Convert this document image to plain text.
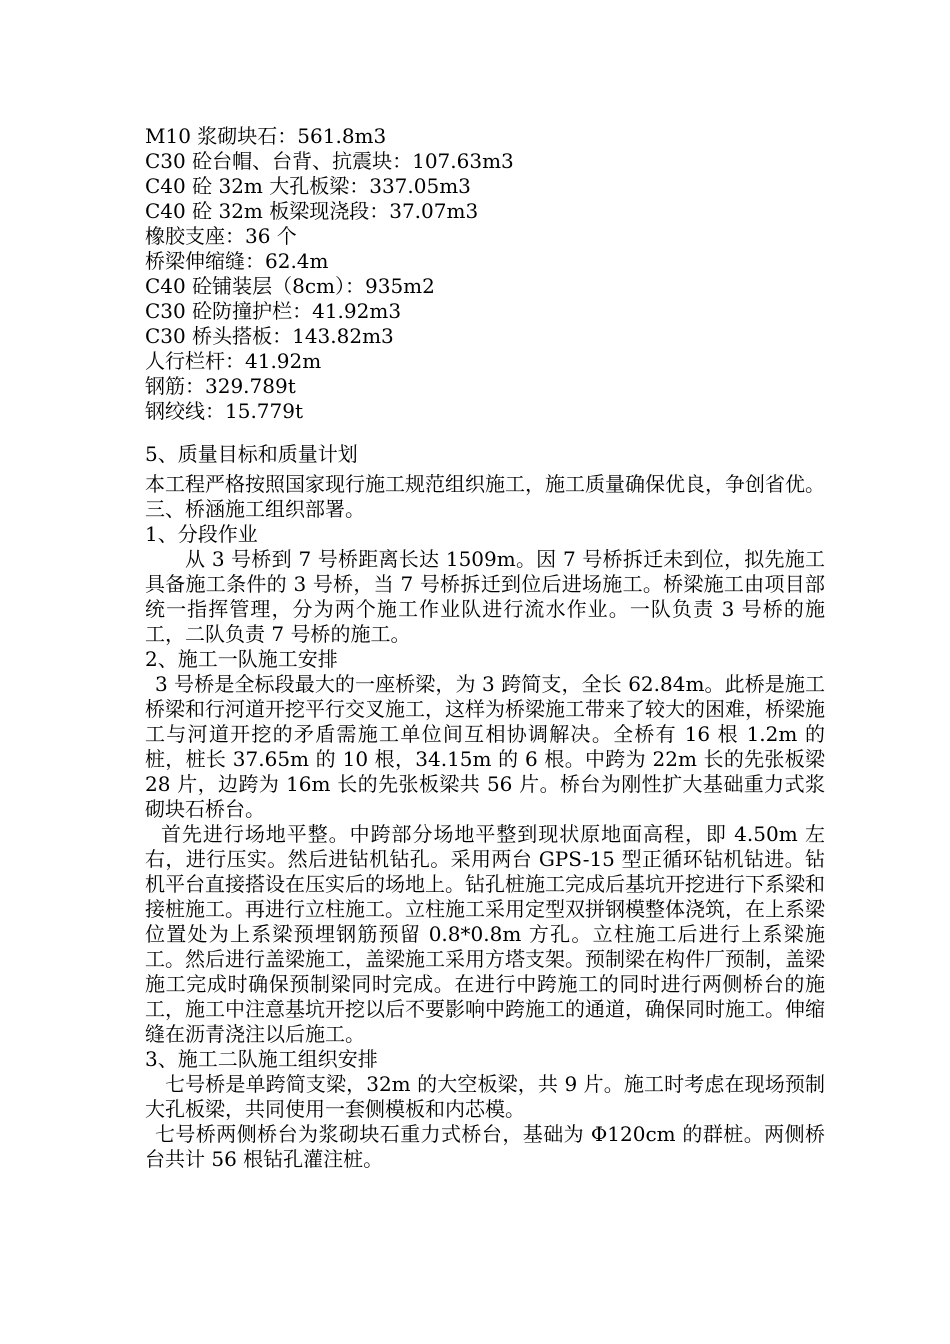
M10 浆砌块石：561.8m3
C30 砼台帽、台背、抗震块：107.63m3
C40 砼 32m 大孔板梁：337.05m3
C40 砼 32m 板梁现浇段：37.07m3
橡胶支座：36 个
桥梁伸缩缝：62.4m
C40 砼铺装层（8cm）：935m2
C30 砼防撞护栏：41.92m3
C30 桥头搭板：143.82m3
人行栏杆：41.92m
钢筋：329.789t
钢绞线：15.779t
5、质量目标和质量计划

本工程严格按照国家现行施工规范组织施工，施工质量确保优良，争创省优。

三、桥涵施工组织部署。
1、分段作业

从 3 号桥到 7 号桥距离长达 1509m。因 7 号桥拆迁未到位，拟先施工具备施工条件的 3 号桥，当 7 号桥拆迁到位后进场施工。桥梁施工由项目部统一指挥管理，分为两个施工作业队进行流水作业。一队负责 3 号桥的施工，二队负责 7 号桥的施工。

2、施工一队施工安排

3 号桥是全标段最大的一座桥梁，为 3 跨简支，全长 62.84m。此桥是施工桥梁和行河道开挖平行交叉施工，这样为桥梁施工带来了较大的困难，桥梁施工与河道开挖的矛盾需施工单位间互相协调解决。全桥有 16 根 1.2m 的桩，桩长 37.65m 的 10 根，34.15m 的 6 根。中跨为 22m 长的先张板梁 28 片，边跨为 16m 长的先张板梁共 56 片。桥台为刚性扩大基础重力式浆砌块石桥台。

首先进行场地平整。中跨部分场地平整到现状原地面高程，即 4.50m 左右，进行压实。然后进钻机钻孔。采用两台 GPS-15 型正循环钻机钻进。钻机平台直接搭设在压实后的场地上。钻孔桩施工完成后基坑开挖进行下系梁和接桩施工。再进行立柱施工。立柱施工采用定型双拼钢模整体浇筑，在上系梁位置处为上系梁预埋钢筋预留 0.8*0.8m 方孔。立柱施工后进行上系梁施工。然后进行盖梁施工，盖梁施工采用方塔支架。预制梁在构件厂预制，盖梁施工完成时确保预制梁同时完成。在进行中跨施工的同时进行两侧桥台的施工，施工中注意基坑开挖以后不要影响中跨施工的通道，确保同时施工。伸缩缝在沥青浇注以后施工。

3、施工二队施工组织安排

七号桥是单跨简支梁，32m 的大空板梁，共 9 片。施工时考虑在现场预制大孔板梁，共同使用一套侧模板和内芯模。

七号桥两侧桥台为浆砌块石重力式桥台，基础为 Φ120cm 的群桩。两侧桥台共计 56 根钻孔灌注桩。
